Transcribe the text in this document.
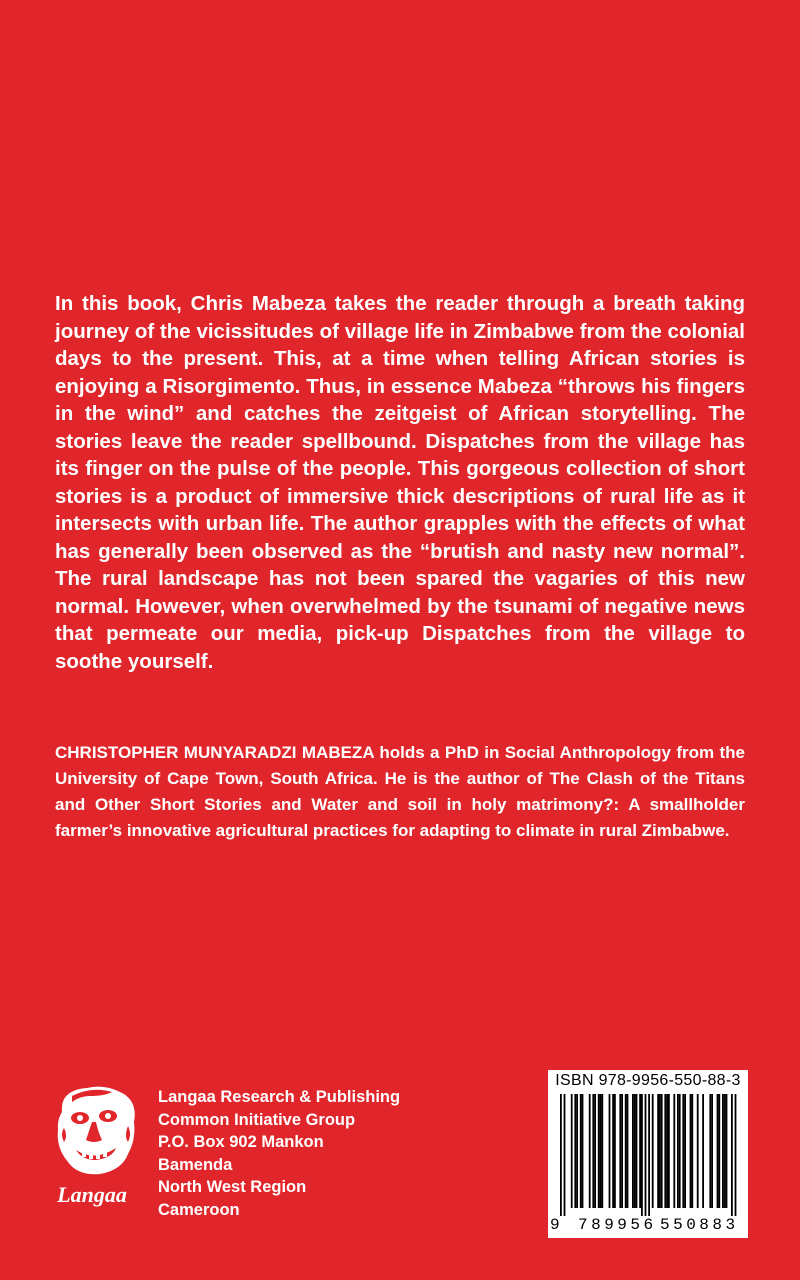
In this book, Chris Mabeza takes the reader through a breath taking journey of the vicissitudes of village life in Zimbabwe from the colonial days to the present. This, at a time when telling African stories is enjoying a Risorgimento. Thus, in essence Mabeza “throws his fingers in the wind” and catches the zeitgeist of African storytelling. The stories leave the reader spellbound. Dispatches from the village has its finger on the pulse of the people. This gorgeous collection of short stories is a product of immersive thick descriptions of rural life as it intersects with urban life. The author grapples with the effects of what has generally been observed as the “brutish and nasty new normal”. The rural landscape has not been spared the vagaries of this new normal. However, when overwhelmed by the tsunami of negative news that permeate our media, pick-up Dispatches from the village to soothe yourself.

CHRISTOPHER MUNYARADZI MABEZA holds a PhD in Social Anthropology from the University of Cape Town, South Africa. He is the author of The Clash of the Titans and Other Short Stories and Water and soil in holy matrimony?: A smallholder farmer’s innovative agricultural practices for adapting to climate in rural Zimbabwe.

Langaa
Langaa Research & Publishing
Common Initiative Group
P.O. Box 902 Mankon
Bamenda
North West Region
Cameroon
ISBN 978-9956-550-88-3
9 789956 550883
